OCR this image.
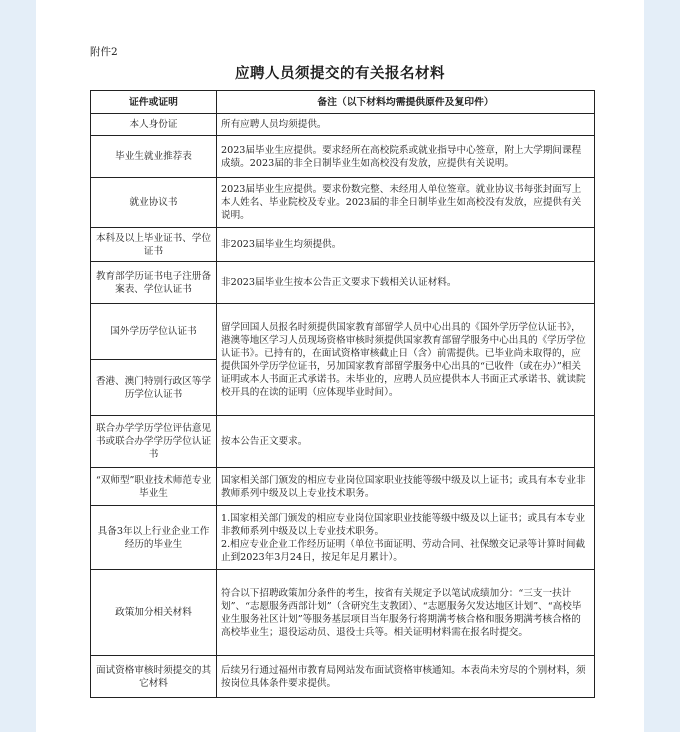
附件2
应聘人员须提交的有关报名材料
证件或证明	备注（以下材料均需提供原件及复印件）
本人身份证	所有应聘人员均须提供。
毕业生就业推荐表	2023届毕业生应提供。要求经所在高校院系或就业指导中心签章，附上大学期间课程成绩。2023届的非全日制毕业生如高校没有发放，应提供有关说明。
就业协议书	2023届毕业生应提供。要求份数完整、未经用人单位签章。就业协议书每张封面写上本人姓名、毕业院校及专业。2023届的非全日制毕业生如高校没有发放，应提供有关说明。
本科及以上毕业证书、学位证书	非2023届毕业生均须提供。
教育部学历证书电子注册备案表、学位认证书	非2023届毕业生按本公告正文要求下载相关认证材料。
国外学历学位认证书	留学回国人员报名时须提供国家教育部留学人员中心出具的《国外学历学位认证书》，港澳等地区学习人员现场资格审核时须提供国家教育部留学服务中心出具的《学历学位认证书》。已持有的，在面试资格审核截止日（含）前需提供。已毕业尚未取得的，应提供国外学历学位证书，另加国家教育部留学服务中心出具的“已收件（或在办）”相关证明或本人书面正式承诺书。未毕业的，应聘人员应提供本人书面正式承诺书、就读院校开具的在读的证明（应体现毕业时间）。
香港、澳门特别行政区等学历学位认证书	
联合办学学历学位评估意见书或联合办学学历学位认证书	按本公告正文要求。
“双师型”职业技术师范专业毕业生	国家相关部门颁发的相应专业岗位国家职业技能等级中级及以上证书；或具有本专业非教师系列中级及以上专业技术职务。
具备3年以上行业企业工作经历的毕业生	1.国家相关部门颁发的相应专业岗位国家职业技能等级中级及以上证书；或具有本专业非教师系列中级及以上专业技术职务。
2.相应专业企业工作经历证明（单位书面证明、劳动合同、社保缴交记录等计算时间截止到2023年3月24日，按足年足月累计）。

政策加分相关材料	符合以下招聘政策加分条件的考生，按省有关规定予以笔试成绩加分：“三支一扶计划”、“志愿服务西部计划”（含研究生支教团）、“志愿服务欠发达地区计划”、“高校毕业生服务社区计划”等服务基层项目当年服务行将期满考核合格和服务期满考核合格的高校毕业生；退役运动员、退役士兵等。相关证明材料需在报名时提交。
面试资格审核时须提交的其它材料	后续另行通过福州市教育局网站发布面试资格审核通知。本表尚未穷尽的个别材料，须按岗位具体条件要求提供。
